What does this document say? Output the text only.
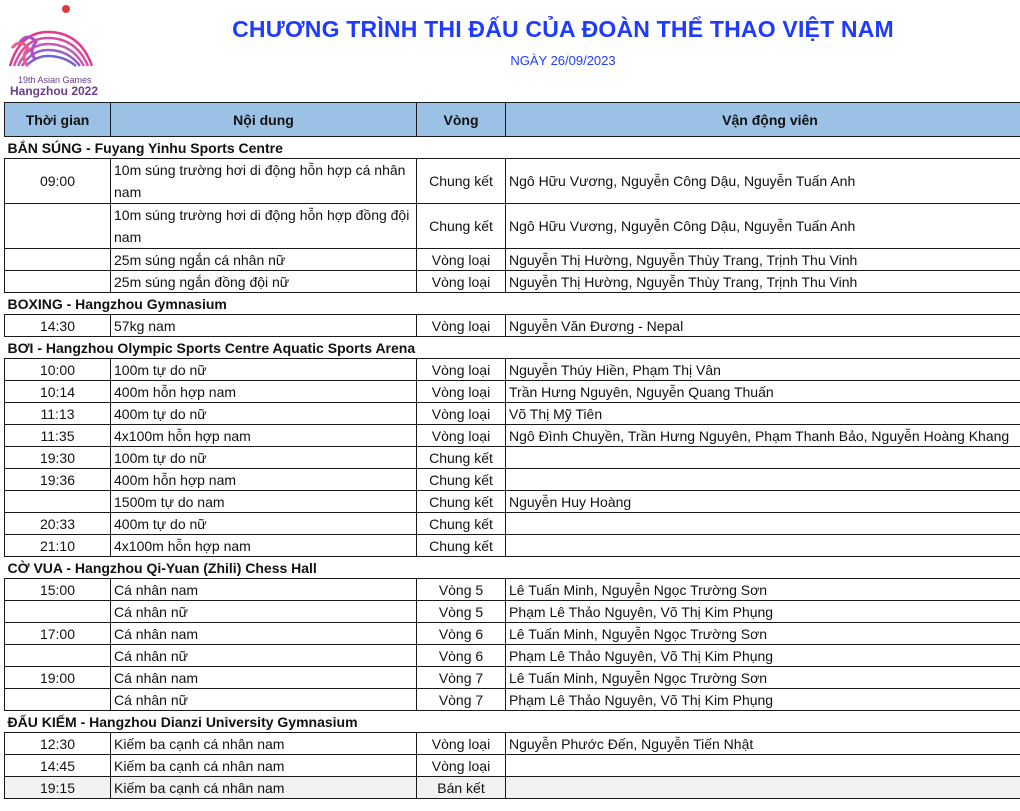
19th Asian Games
Hangzhou 2022
CHƯƠNG TRÌNH THI ĐẤU CỦA ĐOÀN THỂ THAO VIỆT NAM
NGÀY 26/09/2023
Thời gian	Nội dung	Vòng	Vận động viên
BẮN SÚNG - Fuyang Yinhu Sports Centre			
09:00	10m súng trường hơi di động hỗn hợp cá nhân nam	Chung kết	Ngô Hữu Vương, Nguyễn Công Dậu, Nguyễn Tuấn Anh
	10m súng trường hơi di động hỗn hợp đồng đội nam	Chung kết	Ngô Hữu Vương, Nguyễn Công Dậu, Nguyễn Tuấn Anh
	25m súng ngắn cá nhân nữ	Vòng loại	Nguyễn Thị Hường, Nguyễn Thùy Trang, Trịnh Thu Vinh
	25m súng ngắn đồng đội nữ	Vòng loại	Nguyễn Thị Hường, Nguyễn Thùy Trang, Trịnh Thu Vinh
BOXING - Hangzhou Gymnasium			
14:30	57kg nam	Vòng loại	Nguyễn Văn Đương - Nepal
BƠI - Hangzhou Olympic Sports Centre Aquatic Sports Arena			
10:00	100m tự do nữ	Vòng loại	Nguyễn Thúy Hiền, Phạm Thị Vân
10:14	400m hỗn hợp nam	Vòng loại	Trần Hưng Nguyên, Nguyễn Quang Thuấn
11:13	400m tự do nữ	Vòng loại	Võ Thị Mỹ Tiên
11:35	4x100m hỗn hợp nam	Vòng loại	Ngô Đình Chuyền, Trần Hưng Nguyên, Phạm Thanh Bảo, Nguyễn Hoàng Khang
19:30	100m tự do nữ	Chung kết	
19:36	400m hỗn hợp nam	Chung kết	
	1500m tự do nam	Chung kết	Nguyễn Huy Hoàng
20:33	400m tự do nữ	Chung kết	
21:10	4x100m hỗn hợp nam	Chung kết	
CỜ VUA - Hangzhou Qi-Yuan (Zhili) Chess Hall			
15:00	Cá nhân nam	Vòng 5	Lê Tuấn Minh, Nguyễn Ngọc Trường Sơn
	Cá nhân nữ	Vòng 5	Phạm Lê Thảo Nguyên, Võ Thị Kim Phụng
17:00	Cá nhân nam	Vòng 6	Lê Tuấn Minh, Nguyễn Ngọc Trường Sơn
	Cá nhân nữ	Vòng 6	Phạm Lê Thảo Nguyên, Võ Thị Kim Phụng
19:00	Cá nhân nam	Vòng 7	Lê Tuấn Minh, Nguyễn Ngọc Trường Sơn
	Cá nhân nữ	Vòng 7	Phạm Lê Thảo Nguyên, Võ Thị Kim Phụng
ĐẤU KIẾM - Hangzhou Dianzi University Gymnasium			
12:30	Kiếm ba cạnh cá nhân nam	Vòng loại	Nguyễn Phước Đến, Nguyễn Tiến Nhật
14:45	Kiếm ba cạnh cá nhân nam	Vòng loại	
19:15	Kiếm ba cạnh cá nhân nam	Bán kết	
